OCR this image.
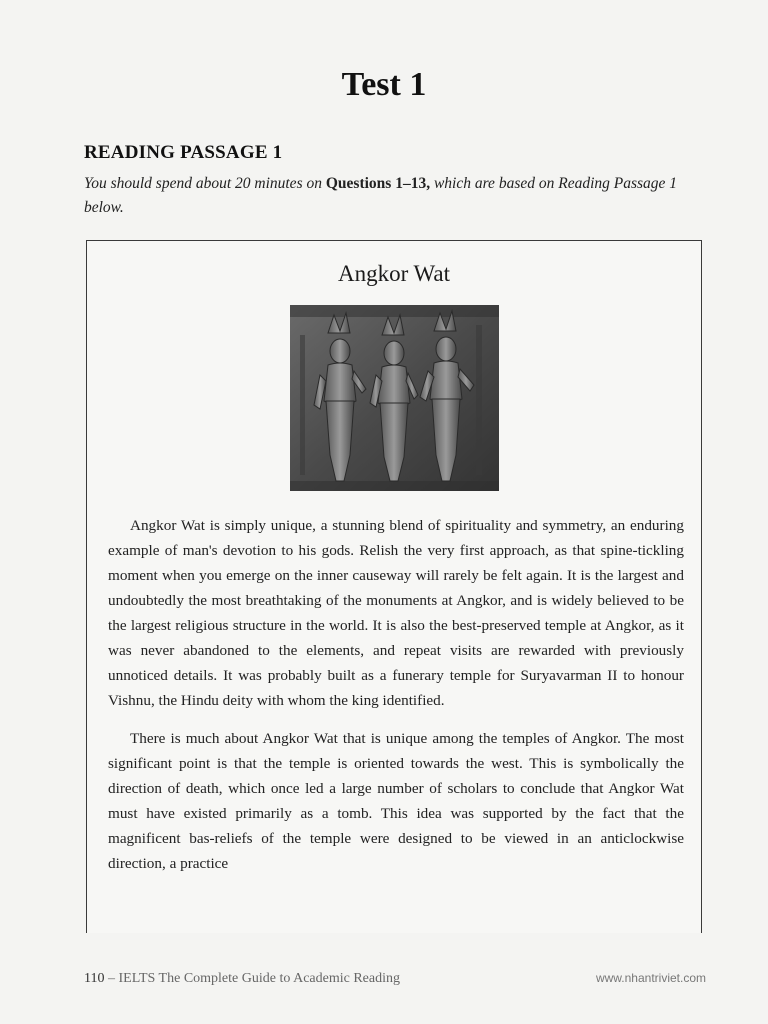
Test 1
READING PASSAGE 1
You should spend about 20 minutes on Questions 1–13, which are based on Reading Passage 1 below.
Angkor Wat

Angkor Wat is simply unique, a stunning blend of spirituality and symmetry, an enduring example of man's devotion to his gods. Relish the very first approach, as that spine-tickling moment when you emerge on the inner causeway will rarely be felt again. It is the largest and undoubtedly the most breathtaking of the monuments at Angkor, and is widely believed to be the largest religious structure in the world. It is also the best-preserved temple at Angkor, as it was never abandoned to the elements, and repeat visits are rewarded with previously unnoticed details. It was probably built as a funerary temple for Suryavarman II to honour Vishnu, the Hindu deity with whom the king identified.

There is much about Angkor Wat that is unique among the temples of Angkor. The most significant point is that the temple is oriented towards the west. This is symbolically the direction of death, which once led a large number of scholars to conclude that Angkor Wat must have existed primarily as a tomb. This idea was supported by the fact that the magnificent bas-reliefs of the temple were designed to be viewed in an anticlockwise direction, a practice

110 – IELTS The Complete Guide to Academic Reading	www.nhantriviet.com
